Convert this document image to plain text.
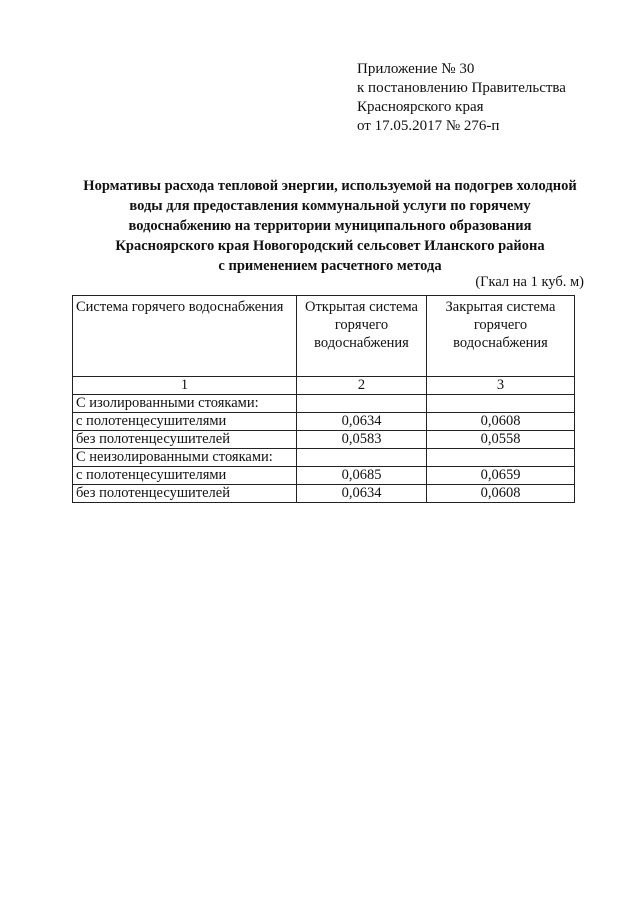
Приложение № 30
к постановлению Правительства
Красноярского края
от 17.05.2017 № 276-п
Нормативы расхода тепловой энергии, используемой на подогрев холодной
воды для предоставления коммунальной услуги по горячему
водоснабжению на территории муниципального образования
Красноярского края Новогородский сельсовет Иланского района
с применением расчетного метода
(Гкал на 1 куб. м)
Система горячего водоснабжения	Открытая система горячего водоснабжения	Закрытая система горячего водоснабжения
1	2	3
С изолированными стояками:		
с полотенцесушителями	0,0634	0,0608
без полотенцесушителей	0,0583	0,0558
С неизолированными стояками:		
с полотенцесушителями	0,0685	0,0659
без полотенцесушителей	0,0634	0,0608
